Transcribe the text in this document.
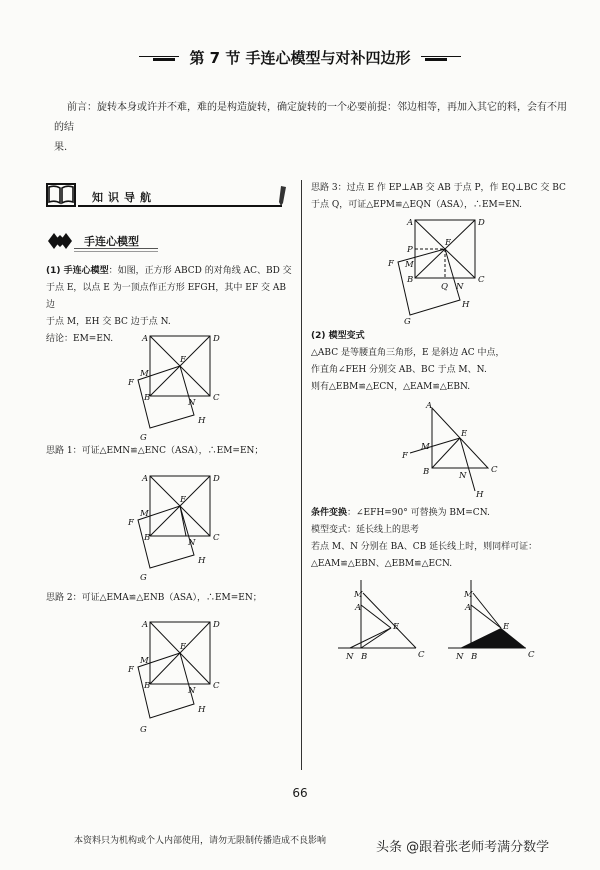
第 7 节 手连心模型与对补四边形
前言：旋转本身或许并不难，难的是构造旋转，确定旋转的一个必要前提：邻边相等，再加入其它的料，会有不用的结
果.
知识导航
手连心模型
(1) 手连心模型：如图，正方形 ABCD 的对角线 AC、BD 交
于点 E，以点 E 为一顶点作正方形 EFGH，其中 EF 交 AB 边
于点 M，EH 交 BC 边于点 N.
结论：EM=EN.	A	D
E
M
F
B	N C
H
G
思路 1：可证△EMN≌△ENC（ASA），∴EM=EN；
A	D
E
M
F
B	N C
H
G
思路 2：可证△EMA≌△ENB（ASA），∴EM=EN；
A	D
E
M
F
B	N C
H
G
思路 3：过点 E 作 EP⊥AB 交 AB 于点 P，作 EQ⊥BC 交 BC
于点 Q，可证△EPM≌△EQN（ASA），∴EM=EN.
A	D
P
E
F M
B
Q N
C
H
G
(2) 模型变式
△ABC 是等腰直角三角形，E 是斜边 AC 中点，
作直角∠FEH 分别交 AB、BC 于点 M、N.
则有△EBM≌△ECN，△EAM≌△EBN.
A
E
M
F
B	N
C
H
条件变换：∠EFH=90° 可替换为 BM=CN.
模型变式：延长线上的思考
若点 M、N 分别在 BA、CB 延长线上时，则同样可证：
△EAM≌△EBN、△EBM≌△ECN.
M
A
E
N B	C
M
A
E
N B	C
66
本资料只为机构或个人内部使用，请勿无限制传播造成不良影响	头条 @跟着张老师考满分数学
